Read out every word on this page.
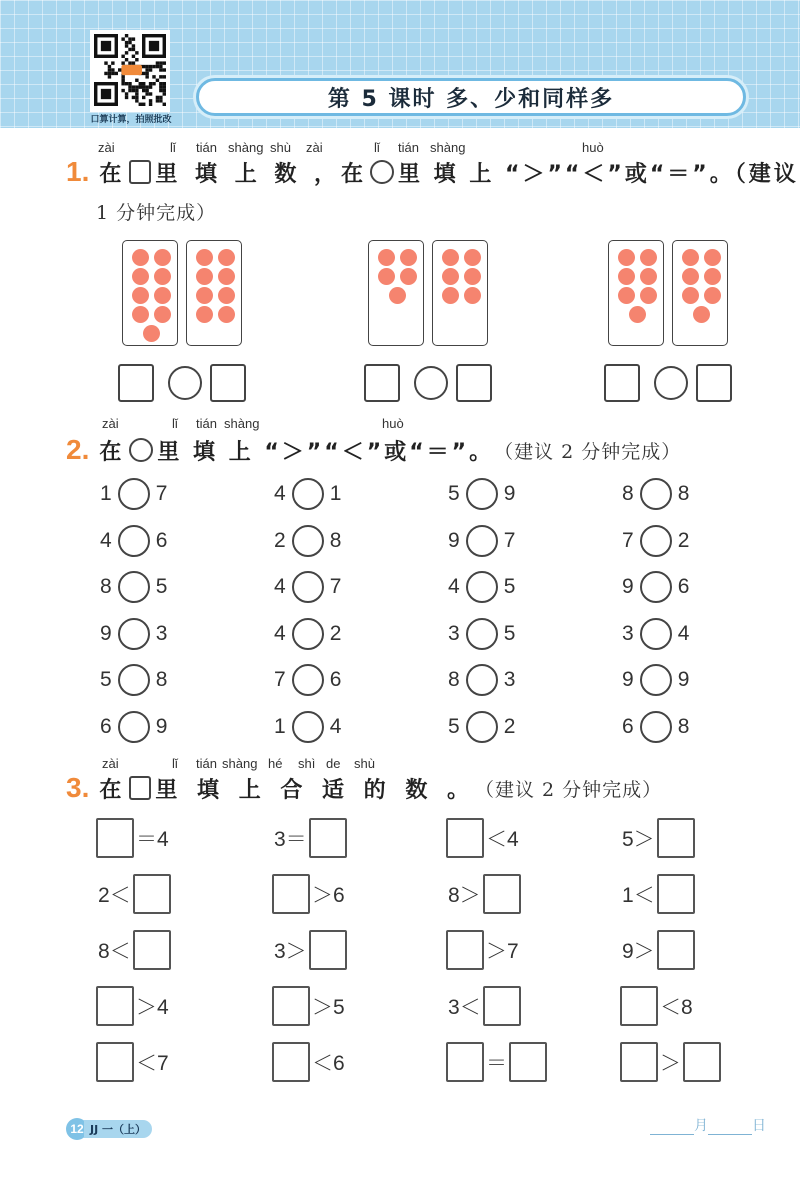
口算计算，拍照批改
第 5 课时 多、少和同样多
zài	lǐ tián shàng shù zài	lǐ tián shàng	huò
1. 在 里 填 上 数 ，在 里 填 上 “＞”“＜”或“＝”。（建议
1 分钟完成）
zài	lǐ tián shàng	huò
2. 在 里 填 上 “＞”“＜”或“＝”。 （建议 2 分钟完成）
1 7	4 1	5 9	8 8
4 6	2 8	9 7	7 2
8 5	4 7	4 5	9 6
9 3	4 2	3 5	3 4
5 8	7 6	8 3	9 9
6 9	1 4	5 2	6 8
zài	lǐ tián shàng hé shì de shù
3. 在 里 填 上 合 适 的 数 。 （建议 2 分钟完成）
＝4	3＝	＜4	5＞
2＜	＞6	8＞	1＜
8＜	3＞	＞7	9＞
＞4	＞5	3＜	＜8
＜7	＜6	＝	＞
12 JJ 一（上）	月	日
